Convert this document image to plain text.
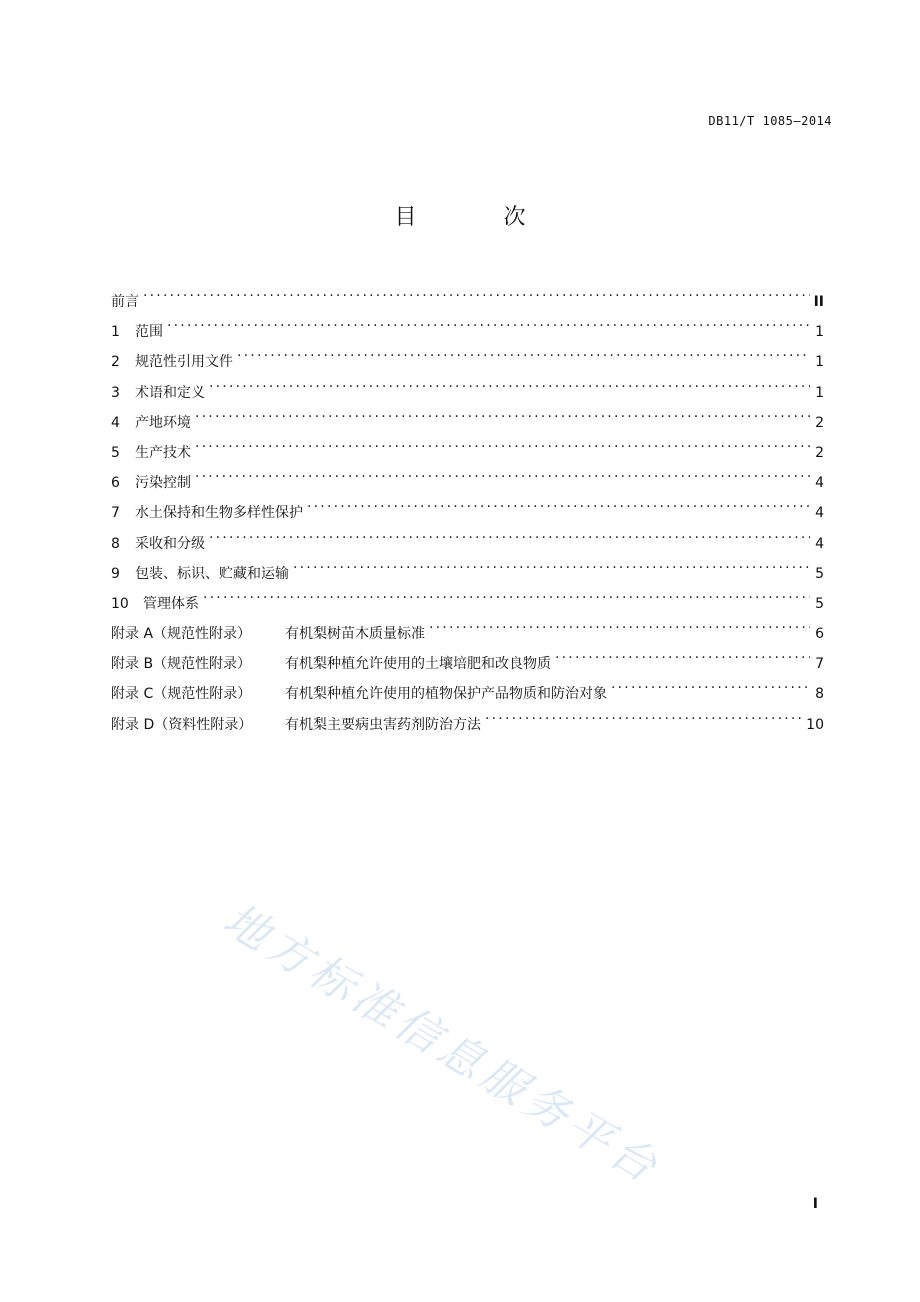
DB11/T 1085—2014
目 次
前言 .....	II
1	范围 .....	1
2	规范性引用文件 .....	1
3	术语和定义 .....	1
4	产地环境 .....	2
5	生产技术 .....	2
6	污染控制 .....	4
7	水土保持和生物多样性保护 .....	4
8	采收和分级 .....	4
9	包装、标识、贮藏和运输 .....	5
10	管理体系 .....	5
附录 A（规范性附录）	有机梨树苗木质量标准 .....	6
附录 B（规范性附录）	有机梨种植允许使用的土壤培肥和改良物质 .....	7
附录 C（规范性附录）	有机梨种植允许使用的植物保护产品物质和防治对象 .....	8
附录 D（资料性附录）	有机梨主要病虫害药剂防治方法 .....	10
地方标准信息服务平台
I
